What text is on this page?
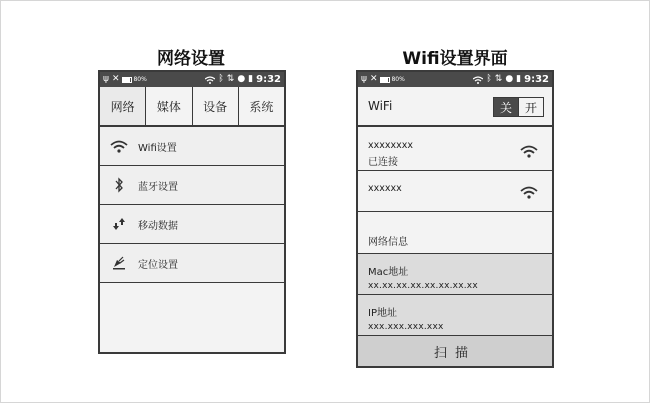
网络设置	Wifi设置界面
ψ ✕ 80%	ᛒ ⇅ ● ▮ 9:32
网络	媒体	设备	系统
Wifi设置
蓝牙设置
移动数据
定位设置
ψ ✕ 80%	ᛒ ⇅ ● ▮ 9:32
WiFi	关	开
xxxxxxxx
已连接
xxxxxx
网络信息
Mac地址
xx.xx.xx.xx.xx.xx.xx.xx
IP地址
xxx.xxx.xxx.xxx
扫描
